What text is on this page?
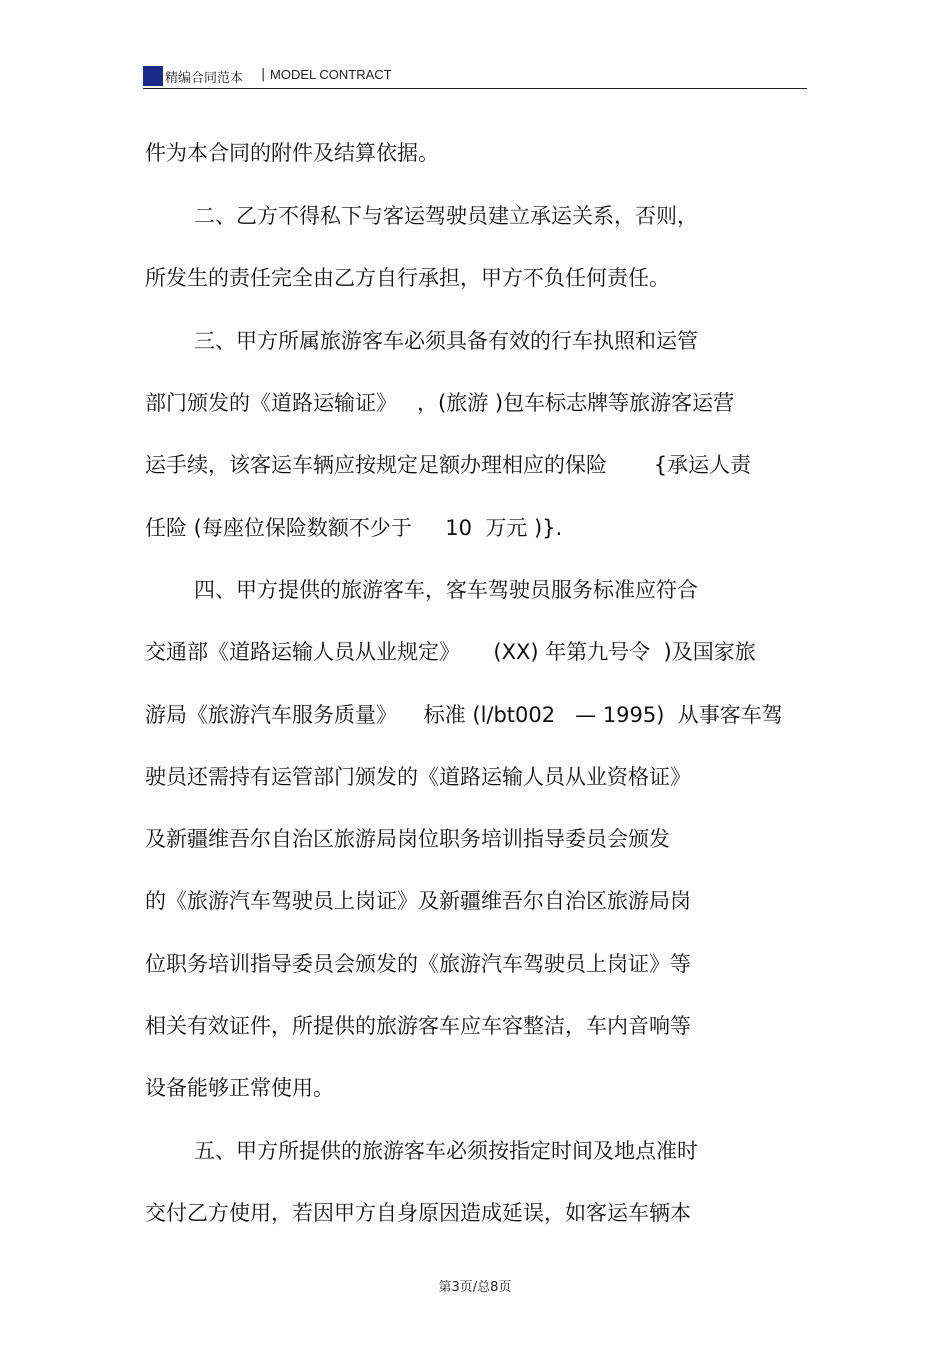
精编合同范本 | MODEL CONTRACT
件为本合同的附件及结算依据。
二、乙方不得私下与客运驾驶员建立承运关系，否则，
所发生的责任完全由乙方自行承担，甲方不负任何责任。
三、甲方所属旅游客车必须具备有效的行车执照和运管
部门颁发的《道路运输证》   ，(旅游 )包车标志牌等旅游客运营
运手续，该客运车辆应按规定足额办理相应的保险       {承运人责
任险 (每座位保险数额不少于     10  万元 )}.
四、甲方提供的旅游客车，客车驾驶员服务标准应符合
交通部《道路运输人员从业规定》     (XX) 年第九号令  )及国家旅
游局《旅游汽车服务质量》    标准 (l/bt002   — 1995)  从事客车驾
驶员还需持有运管部门颁发的《道路运输人员从业资格证》
及新疆维吾尔自治区旅游局岗位职务培训指导委员会颁发
的《旅游汽车驾驶员上岗证》及新疆维吾尔自治区旅游局岗
位职务培训指导委员会颁发的《旅游汽车驾驶员上岗证》等
相关有效证件，所提供的旅游客车应车容整洁，车内音响等
设备能够正常使用。
五、甲方所提供的旅游客车必须按指定时间及地点准时
交付乙方使用，若因甲方自身原因造成延误，如客运车辆本
第3页/总8页
